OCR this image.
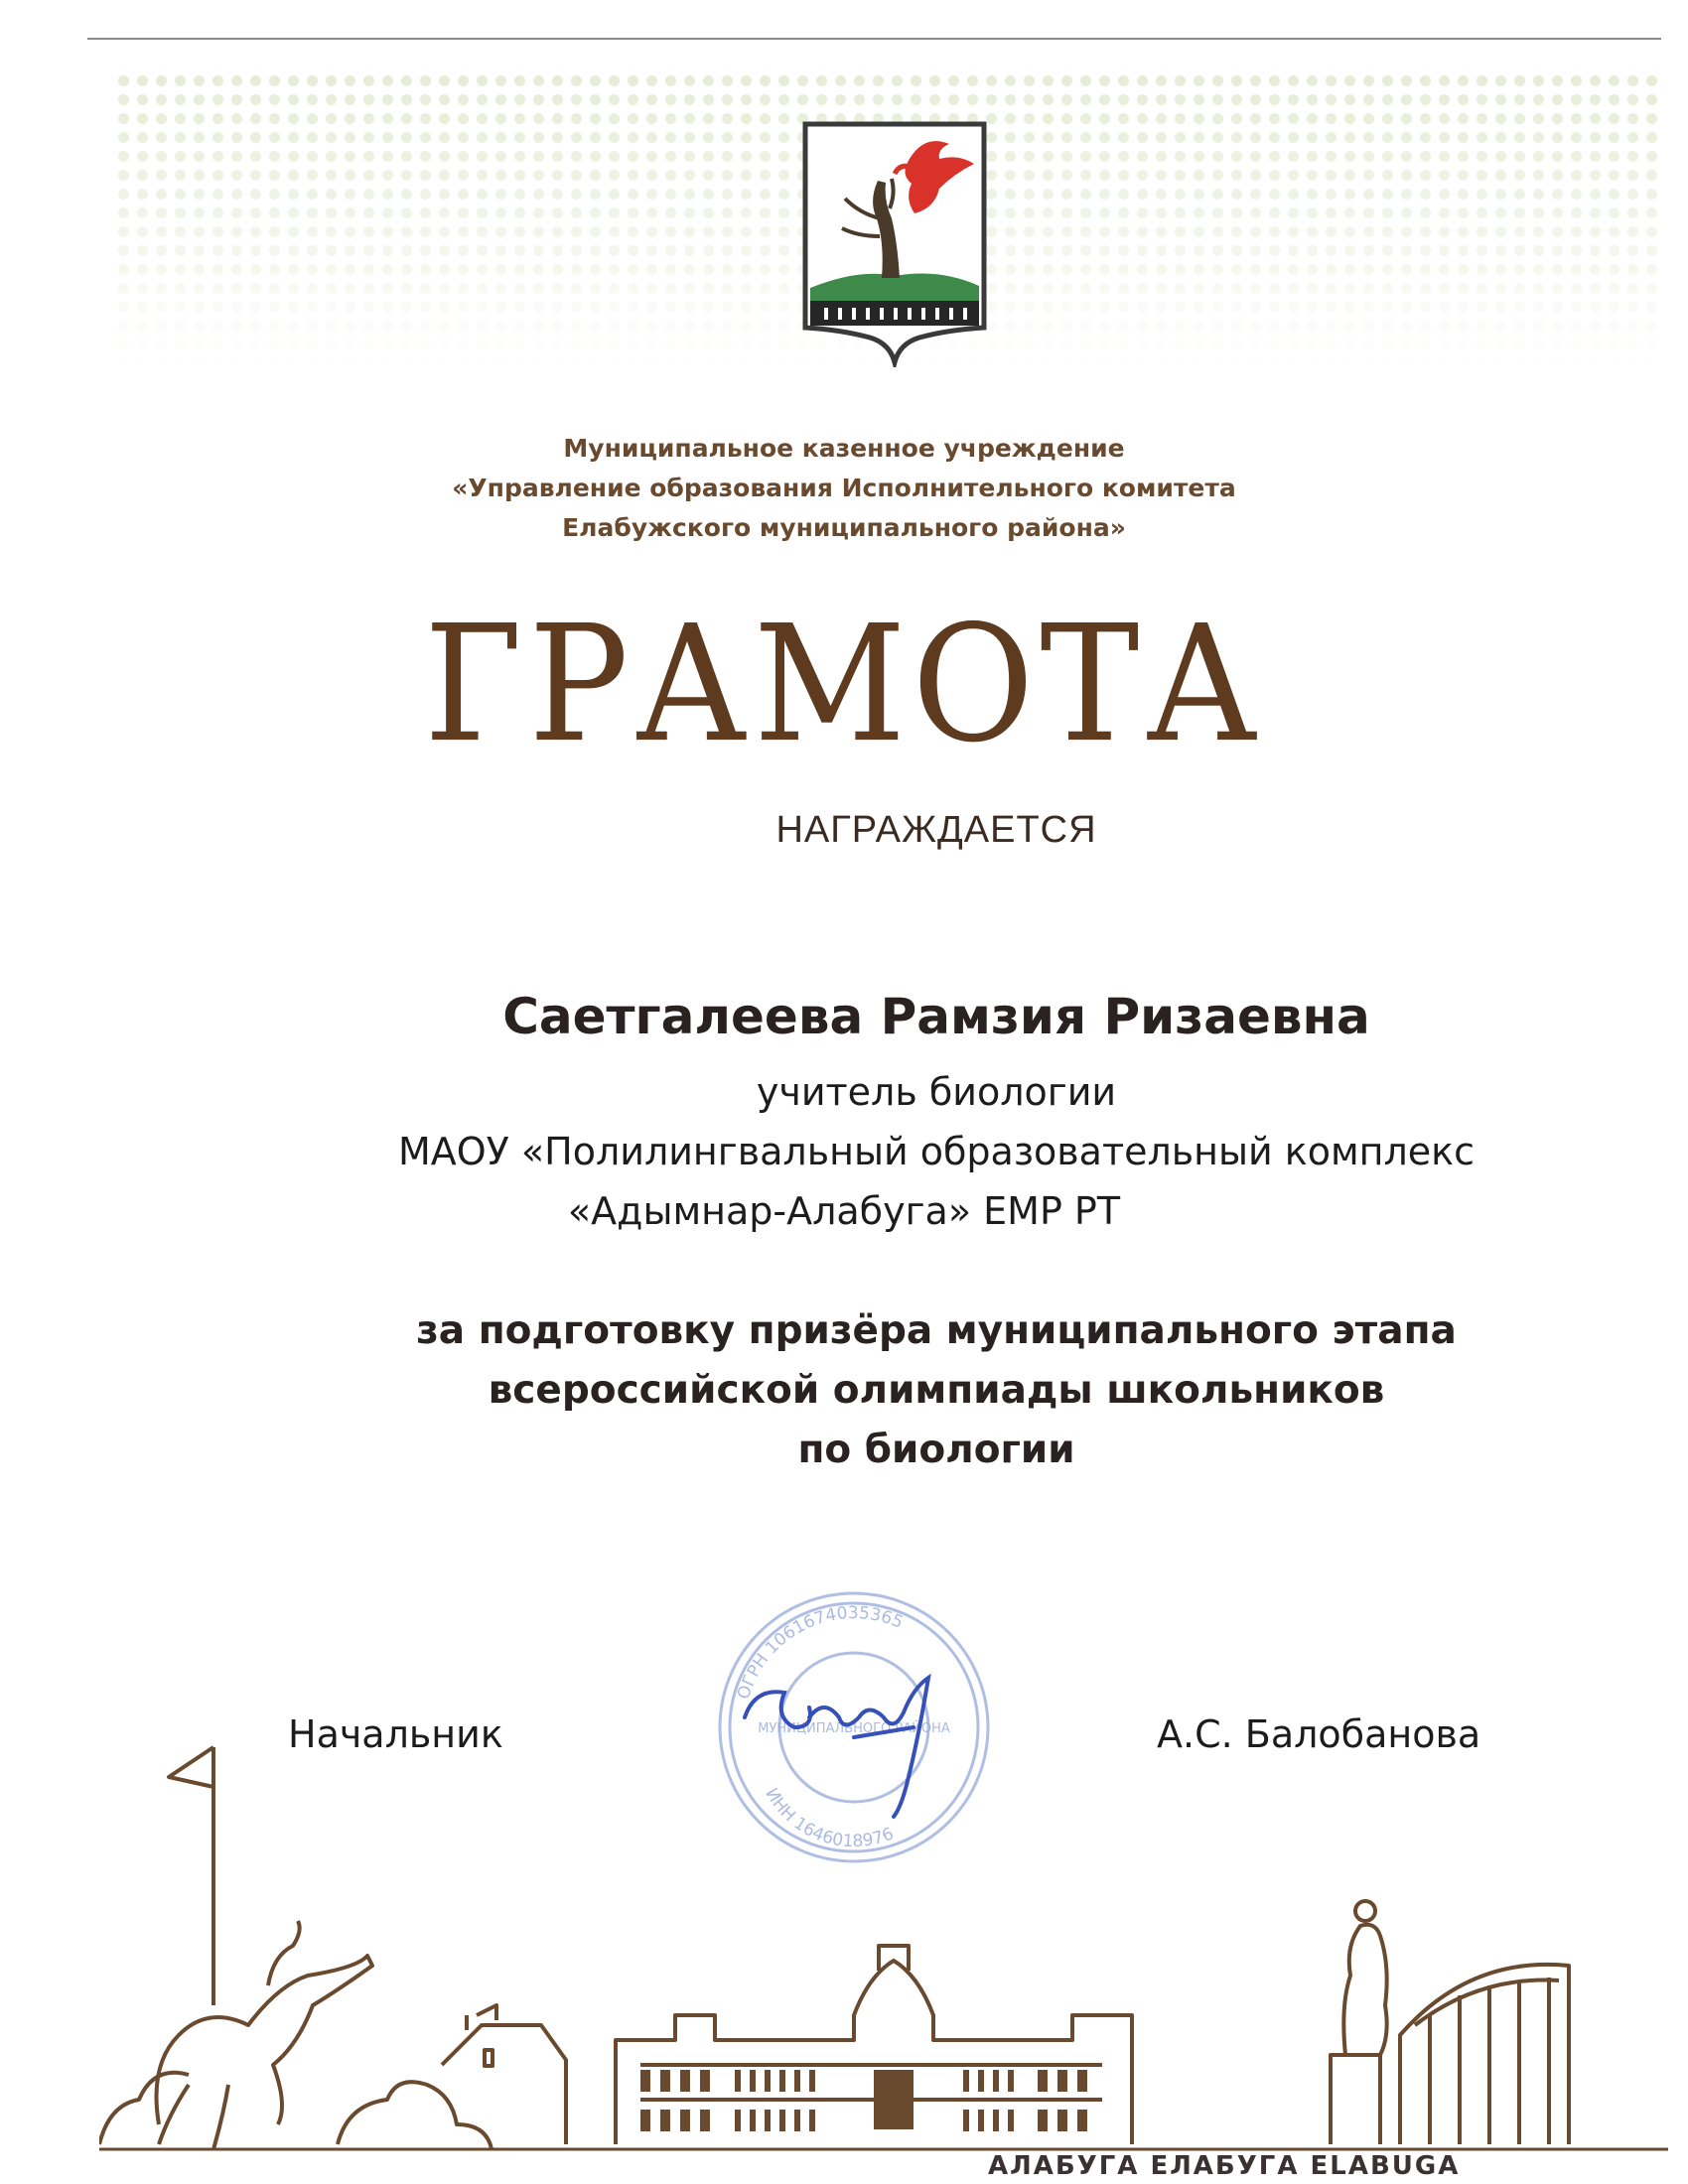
Муниципальное казенное учреждение
«Управление образования Исполнительного комитета
Елабужского муниципального района»
ГРАМОТА
НАГРАЖДАЕТСЯ
Саетгалеева Рамзия Ризаевна
учитель биологии
МАОУ «Полилингвальный образовательный комплекс
«Адымнар-Алабуга» ЕМР РТ
за подготовку призёра муниципального этапа
всероссийской олимпиады школьников
по биологии
ОГРН 1061674035365
ИНН 1646018976
МУНИЦИПАЛЬНОГО РАЙОНА
Начальник	А.С. Балобанова
АЛАБУГА ЕЛАБУГА ELABUGA
